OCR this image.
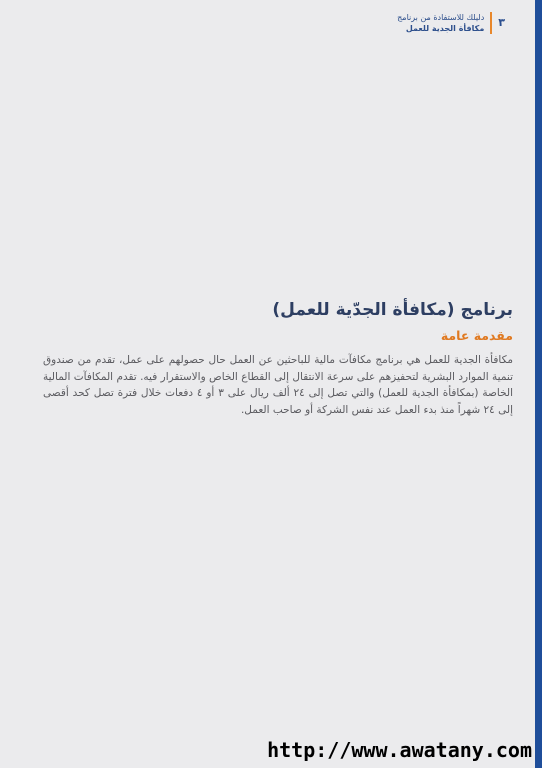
٣
دليلك للاستفادة من برنامج
مكافأة الجدية للعمل
برنامج (مكافأة الجدّية للعمل)
مقدمة عامة

مكافأة الجدية للعمل هي برنامج مكافآت مالية للباحثين عن العمل حال حصولهم على عمل، تقدم من صندوق تنمية الموارد البشرية لتحفيزهم على سرعة الانتقال إلى القطاع الخاص والاستقرار فيه. تقدم المكافآت المالية الخاصة (بمكافأة الجدية للعمل) والتي تصل إلى ٢٤ ألف ريال على ٣ أو ٤ دفعات خلال فترة تصل كحد أقصى إلى ٢٤ شهراً منذ بدء العمل عند نفس الشركة أو صاحب العمل.

http://www.awatany.com
